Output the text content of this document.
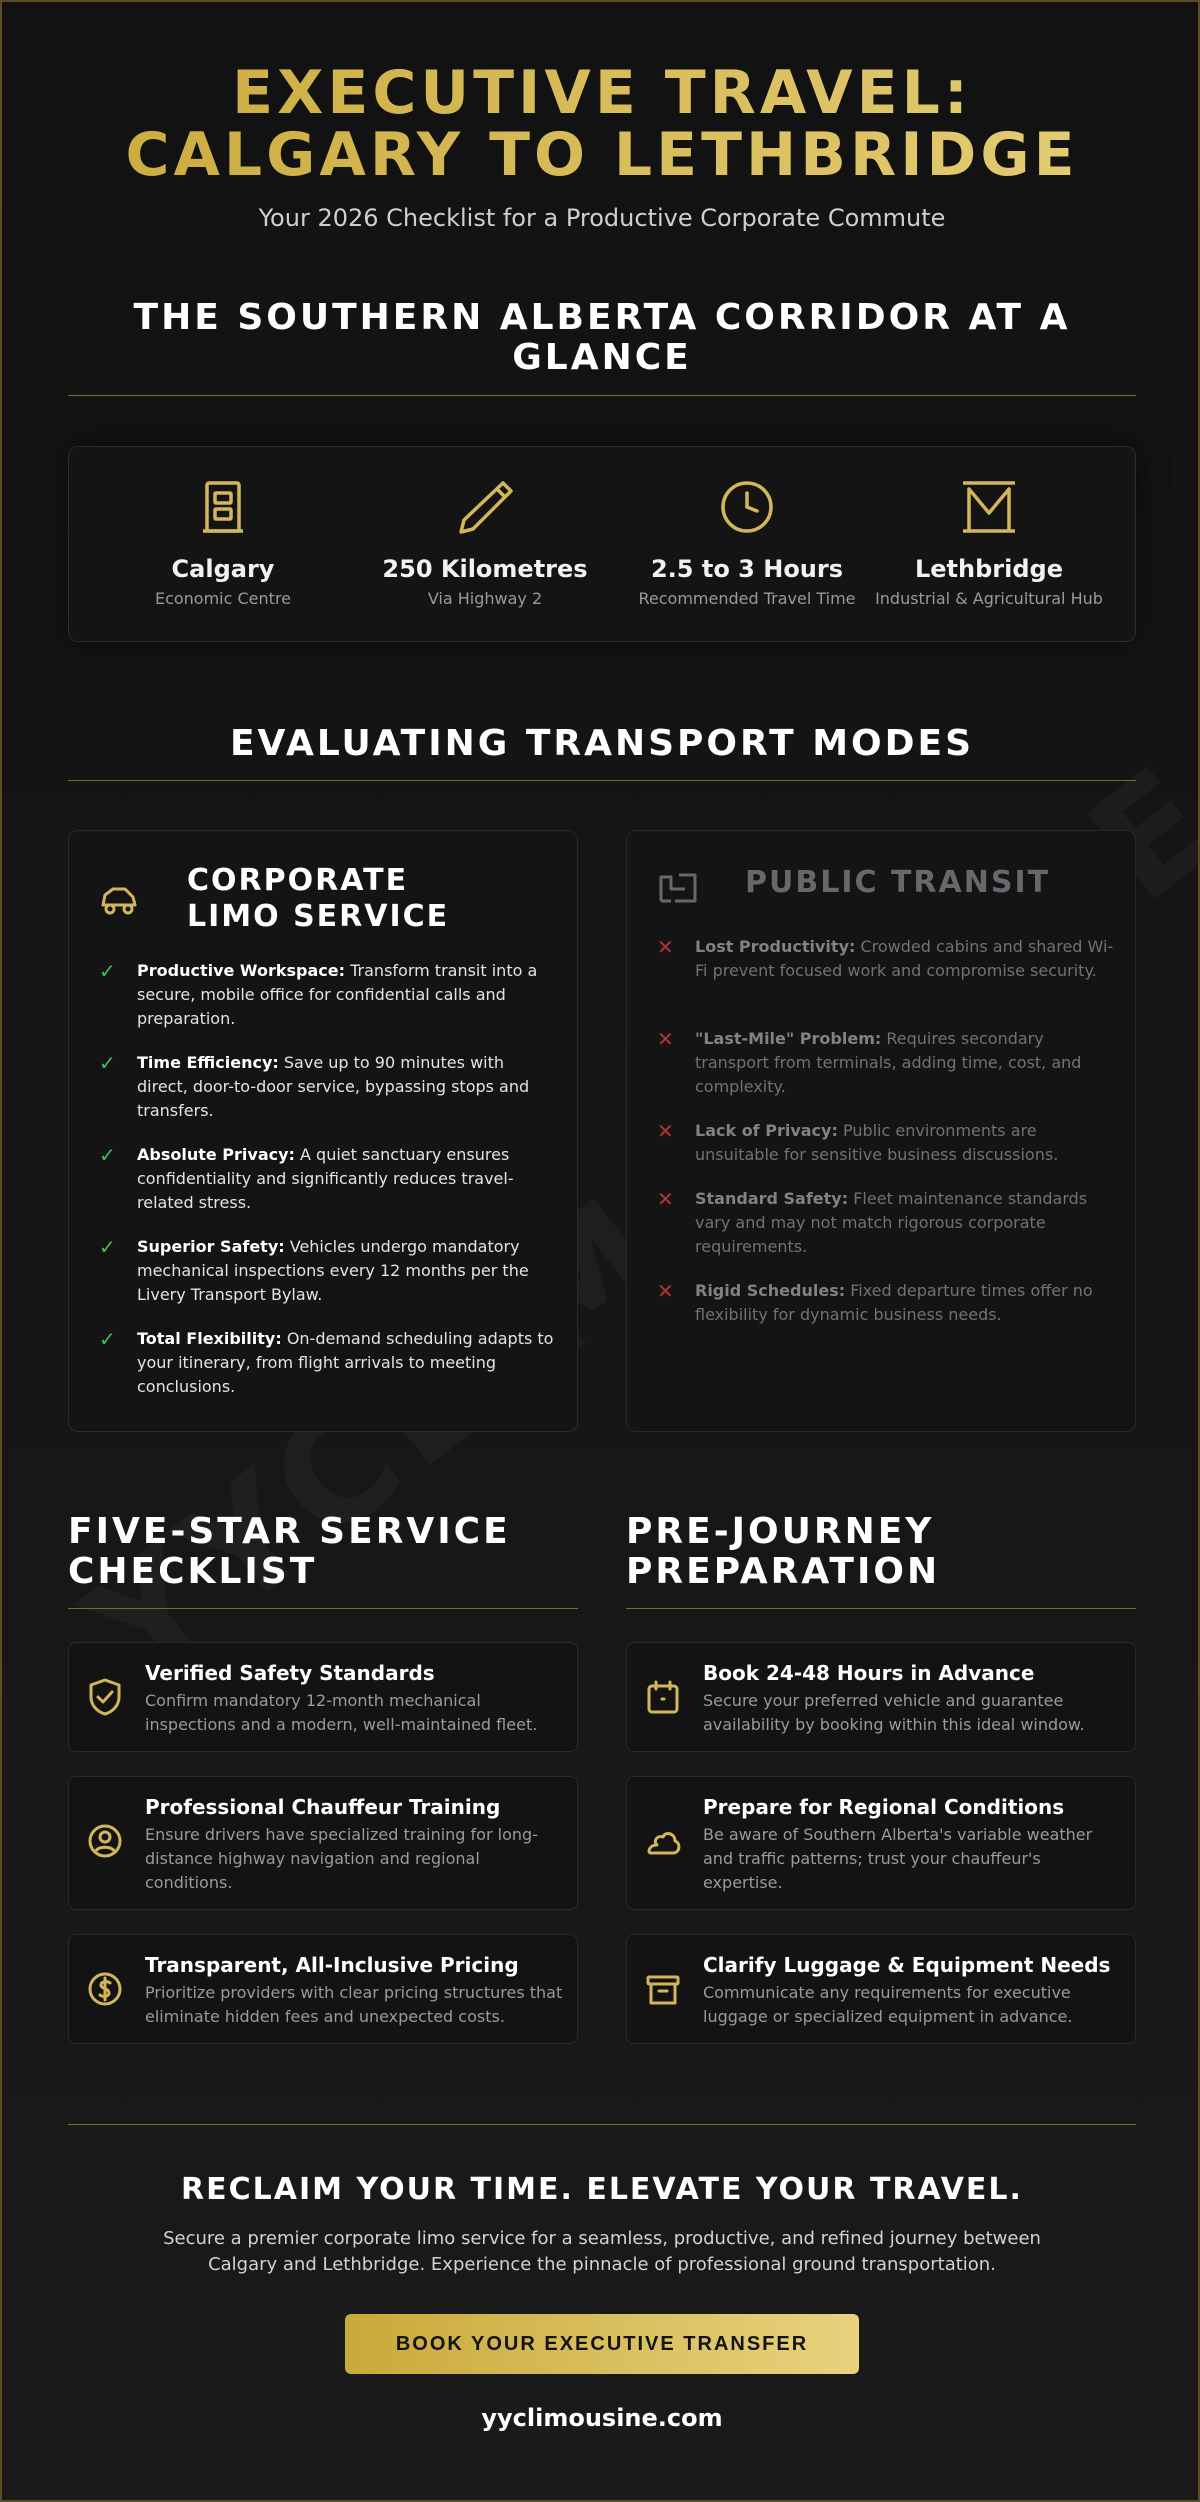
EXECUTIVE TRAVEL:
CALGARY TO LETHBRIDGE
Your 2026 Checklist for a Productive Corporate Commute
THE SOUTHERN ALBERTA CORRIDOR AT A GLANCE
Calgary
Economic Centre
250 Kilometres
Via Highway 2
2.5 to 3 Hours
Recommended Travel Time
Lethbridge
Industrial & Agricultural Hub
EVALUATING TRANSPORT MODES
CORPORATE LIMO SERVICE
✓ Productive Workspace: Transform transit into a secure, mobile office for confidential calls and preparation.
✓ Time Efficiency: Save up to 90 minutes with direct, door-to-door service, bypassing stops and transfers.
✓ Absolute Privacy: A quiet sanctuary ensures confidentiality and significantly reduces travel-related stress.
✓ Superior Safety: Vehicles undergo mandatory mechanical inspections every 12 months per the Livery Transport Bylaw.
✓ Total Flexibility: On-demand scheduling adapts to your itinerary, from flight arrivals to meeting conclusions.
PUBLIC TRANSIT
✕ Lost Productivity: Crowded cabins and shared Wi-Fi prevent focused work and compromise security.
✕ "Last-Mile" Problem: Requires secondary transport from terminals, adding time, cost, and complexity.
✕ Lack of Privacy: Public environments are unsuitable for sensitive business discussions.
✕ Standard Safety: Fleet maintenance standards vary and may not match rigorous corporate requirements.
✕ Rigid Schedules: Fixed departure times offer no flexibility for dynamic business needs.
FIVE-STAR SERVICE
CHECKLIST
Verified Safety Standards
Confirm mandatory 12-month mechanical inspections and a modern, well-maintained fleet.
Professional Chauffeur Training
Ensure drivers have specialized training for long-distance highway navigation and regional conditions.
Transparent, All-Inclusive Pricing
Prioritize providers with clear pricing structures that eliminate hidden fees and unexpected costs.
PRE-JOURNEY
PREPARATION
Book 24-48 Hours in Advance
Secure your preferred vehicle and guarantee availability by booking within this ideal window.
Prepare for Regional Conditions
Be aware of Southern Alberta's variable weather and traffic patterns; trust your chauffeur's expertise.
Clarify Luggage & Equipment Needs
Communicate any requirements for executive luggage or specialized equipment in advance.
RECLAIM YOUR TIME. ELEVATE YOUR TRAVEL.
Secure a premier corporate limo service for a seamless, productive, and refined journey between Calgary and Lethbridge. Experience the pinnacle of professional ground transportation.
BOOK YOUR EXECUTIVE TRANSFER
yyclimousine.com
